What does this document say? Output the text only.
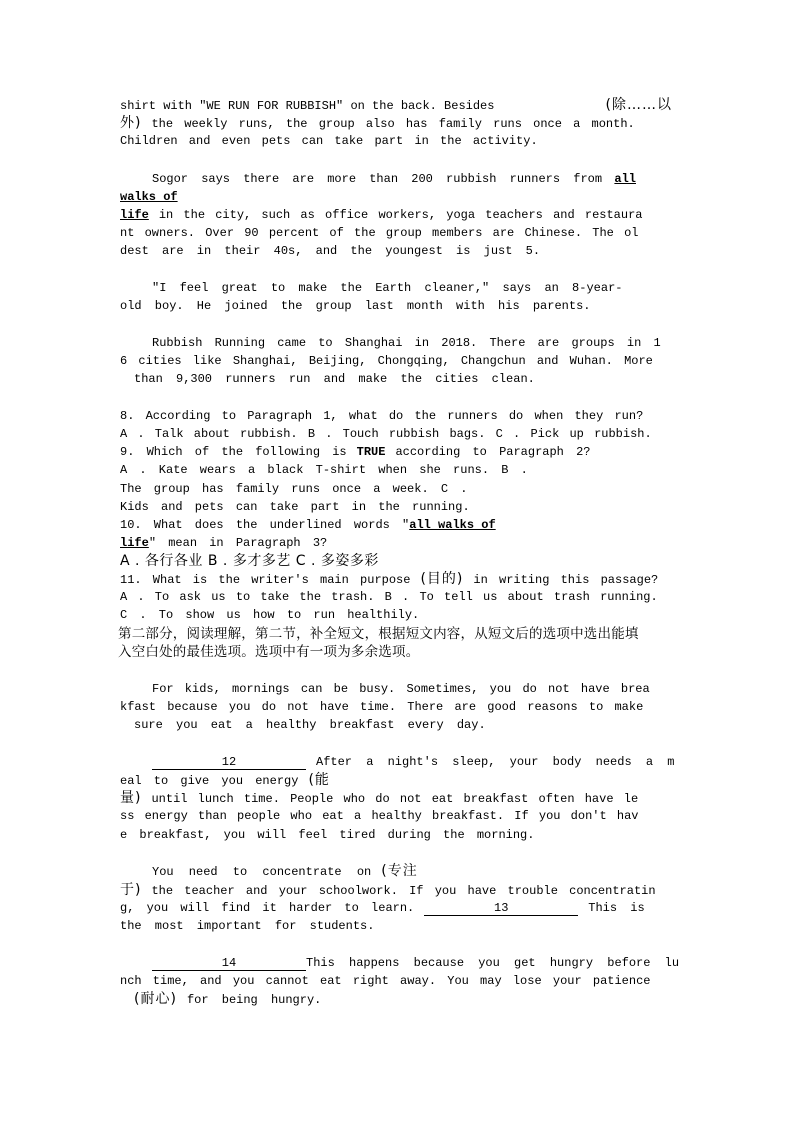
shirt with "WE RUN FOR RUBBISH" on the back. Besides	(除……以
外) the weekly runs, the group also has family runs once a month.
Children and even pets can take part in the activity.
Sogor says there are more than 200 rubbish runners from all
walks of
life in the city, such as office workers, yoga teachers and restaura
nt owners. Over 90 percent of the group members are Chinese. The ol
dest are in their 40s, and the youngest is just 5.
"I feel great to make the Earth cleaner," says an 8-year-
old boy. He joined the group last month with his parents.
Rubbish Running came to Shanghai in 2018. There are groups in 1
6 cities like Shanghai, Beijing, Chongqing, Changchun and Wuhan. More
than 9,300 runners run and make the cities clean.
8. According to Paragraph 1, what do the runners do when they run?
A . Talk about rubbish. B . Touch rubbish bags. C . Pick up rubbish.
9. Which of the following is TRUE according to Paragraph 2?
A . Kate wears a black T-shirt when she runs. B .
The group has family runs once a week. C .
Kids and pets can take part in the running.
10. What does the underlined words " all walks of
life " mean in Paragraph 3?
A . 各行各业 B . 多才多艺 C . 多姿多彩
11. What is the writer's main purpose (目的) in writing this passage?
A . To ask us to take the trash. B . To tell us about trash running.
C . To show us how to run healthily.
第二部分，阅读理解，第二节，补全短文，根据短文内容，从短文后的选项中选出能填
入空白处的最佳选项。选项中有一项为多余选项。
For kids, mornings can be busy. Sometimes, you do not have brea
kfast because you do not have time. There are good reasons to make
sure you eat a healthy breakfast every day.
12	After a night's sleep, your body needs a m
eal to give you energy (能
量) until lunch time. People who do not eat breakfast often have le
ss energy than people who eat a healthy breakfast. If you don't hav
e breakfast, you will feel tired during the morning.
You need to concentrate on (专注
于) the teacher and your schoolwork. If you have trouble concentratin
g, you will find it harder to learn.	13	This is
the most important for students.
14	This happens because you get hungry before lu
nch time, and you cannot eat right away. You may lose your patience
(耐心) for being hungry.
